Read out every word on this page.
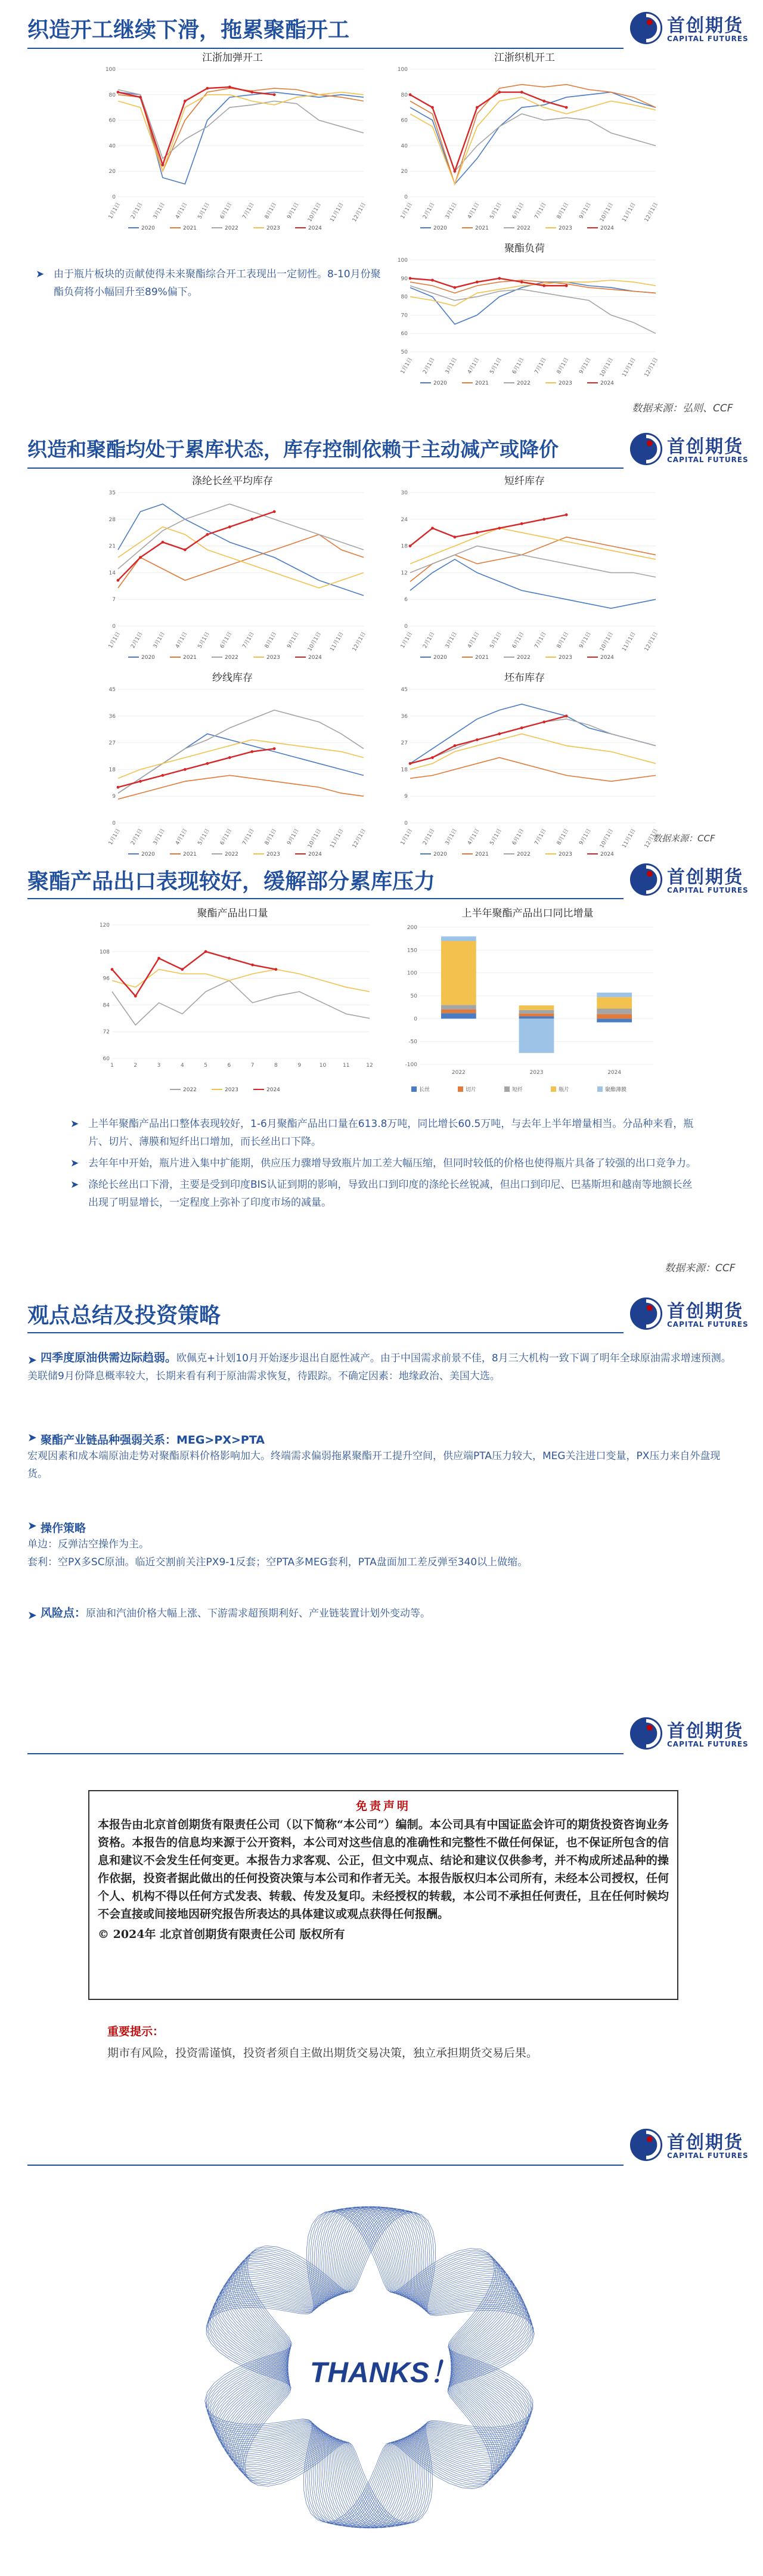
织造开工继续下滑，拖累聚酯开工	首创期货
CAPITAL FUTURES
江浙加弹开工
0
20
40
60
80
100
1月1日 2月1日 3月1日 4月1日 5月1日 6月1日 7月1日 8月1日 9月1日 10月1日 11月1日 12月1日
2020	2021	2022	2023	2024
江浙织机开工
0
20
40
60
80
100
1月1日 2月1日 3月1日 4月1日 5月1日 6月1日 7月1日 8月1日 9月1日 10月1日 11月1日 12月1日
2020	2021	2022	2023	2024
聚酯负荷
50
60
70
80
90
100
1月1日 2月1日 3月1日 4月1日 5月1日 6月1日 7月1日 8月1日 9月1日 10月1日 11月1日 12月1日
2020	2021	2022	2023	2024
➤ 由于瓶片板块的贡献使得未来聚酯综合开工表现出一定韧性。8-10月份聚酯负荷将小幅回升至89%偏下。
数据来源：弘则、CCF
织造和聚酯均处于累库状态，库存控制依赖于主动减产或降价	首创期货
CAPITAL FUTURES
涤纶长丝平均库存
0
7
14
21
28
35
1月1日 2月1日 3月1日 4月1日 5月1日 6月1日 7月1日 8月1日 9月1日 10月1日 11月1日 12月1日
2020	2021	2022	2023	2024
短纤库存
0
6
12
18
24
30
1月1日 2月1日 3月1日 4月1日 5月1日 6月1日 7月1日 8月1日 9月1日 10月1日 11月1日 12月1日
2020	2021	2022	2023	2024
纱线库存
0
9
18
27
36
45
1月1日 2月1日 3月1日 4月1日 5月1日 6月1日 7月1日 8月1日 9月1日 10月1日 11月1日 12月1日
2020	2021	2022	2023	2024
坯布库存
0
9
18
27
36
45
1月1日 2月1日 3月1日 4月1日 5月1日 6月1日 7月1日 8月1日 9月1日 10月1日 11月1日 12月1日
2020	2021	2022	2023	2024
数据来源：CCF
聚酯产品出口表现较好，缓解部分累库压力	首创期货
CAPITAL FUTURES
聚酯产品出口量
60
72
84
96
108
120
1	2	3	4	5	6	7	8	9	10	11	12
2022	2023	2024
上半年聚酯产品出口同比增量
-100
-50
0
50
100
150
200
2022	2023	2024
长丝	切片	短纤	瓶片	聚酯薄膜
➤ 上半年聚酯产品出口整体表现较好，1-6月聚酯产品出口量在613.8万吨，同比增长60.5万吨，与去年上半年增量相当。分品种来看，瓶片、切片、薄膜和短纤出口增加，而长丝出口下降。
➤ 去年年中开始，瓶片进入集中扩能期，供应压力骤增导致瓶片加工差大幅压缩，但同时较低的价格也使得瓶片具备了较强的出口竞争力。
➤ 涤纶长丝出口下滑，主要是受到印度BIS认证到期的影响，导致出口到印度的涤纶长丝锐减，但出口到印尼、巴基斯坦和越南等地额长丝出现了明显增长，一定程度上弥补了印度市场的减量。
数据来源：CCF
观点总结及投资策略	首创期货
CAPITAL FUTURES
➤ 四季度原油供需边际趋弱。欧佩克+计划10月开始逐步退出自愿性减产。由于中国需求前景不佳，8月三大机构一致下调了明年全球原油需求增速预测。美联储9月份降息概率较大，长期来看有利于原油需求恢复，待跟踪。不确定因素：地缘政治、美国大选。
➤ 聚酯产业链品种强弱关系：MEG>PX>PTA
宏观因素和成本端原油走势对聚酯原料价格影响加大。终端需求偏弱拖累聚酯开工提升空间，供应端PTA压力较大，MEG关注进口变量，PX压力来自外盘现货。
➤ 操作策略
单边：反弹沽空操作为主。
套利：空PX多SC原油。临近交割前关注PX9-1反套；空PTA多MEG套利，PTA盘面加工差反弹至340以上做缩。
➤ 风险点：原油和汽油价格大幅上涨、下游需求超预期利好、产业链装置计划外变动等。
首创期货
CAPITAL FUTURES
免责声明
本报告由北京首创期货有限责任公司（以下简称“本公司”）编制。本公司具有中国证监会许可的期货投资咨询业务资格。本报告的信息均来源于公开资料，本公司对这些信息的准确性和完整性不做任何保证，也不保证所包含的信息和建议不会发生任何变更。本报告力求客观、公正，但文中观点、结论和建议仅供参考，并不构成所述品种的操作依据，投资者据此做出的任何投资决策与本公司和作者无关。本报告版权归本公司所有，未经本公司授权，任何个人、机构不得以任何方式发表、转载、传发及复印。未经授权的转载，本公司不承担任何责任，且在任何时候均不会直接或间接地因研究报告所表达的具体建议或观点获得任何报酬。
© 2024年 北京首创期货有限责任公司 版权所有
重要提示：
期市有风险，投资需谨慎，投资者须自主做出期货交易决策，独立承担期货交易后果。
首创期货
CAPITAL FUTURES
THANKS！
